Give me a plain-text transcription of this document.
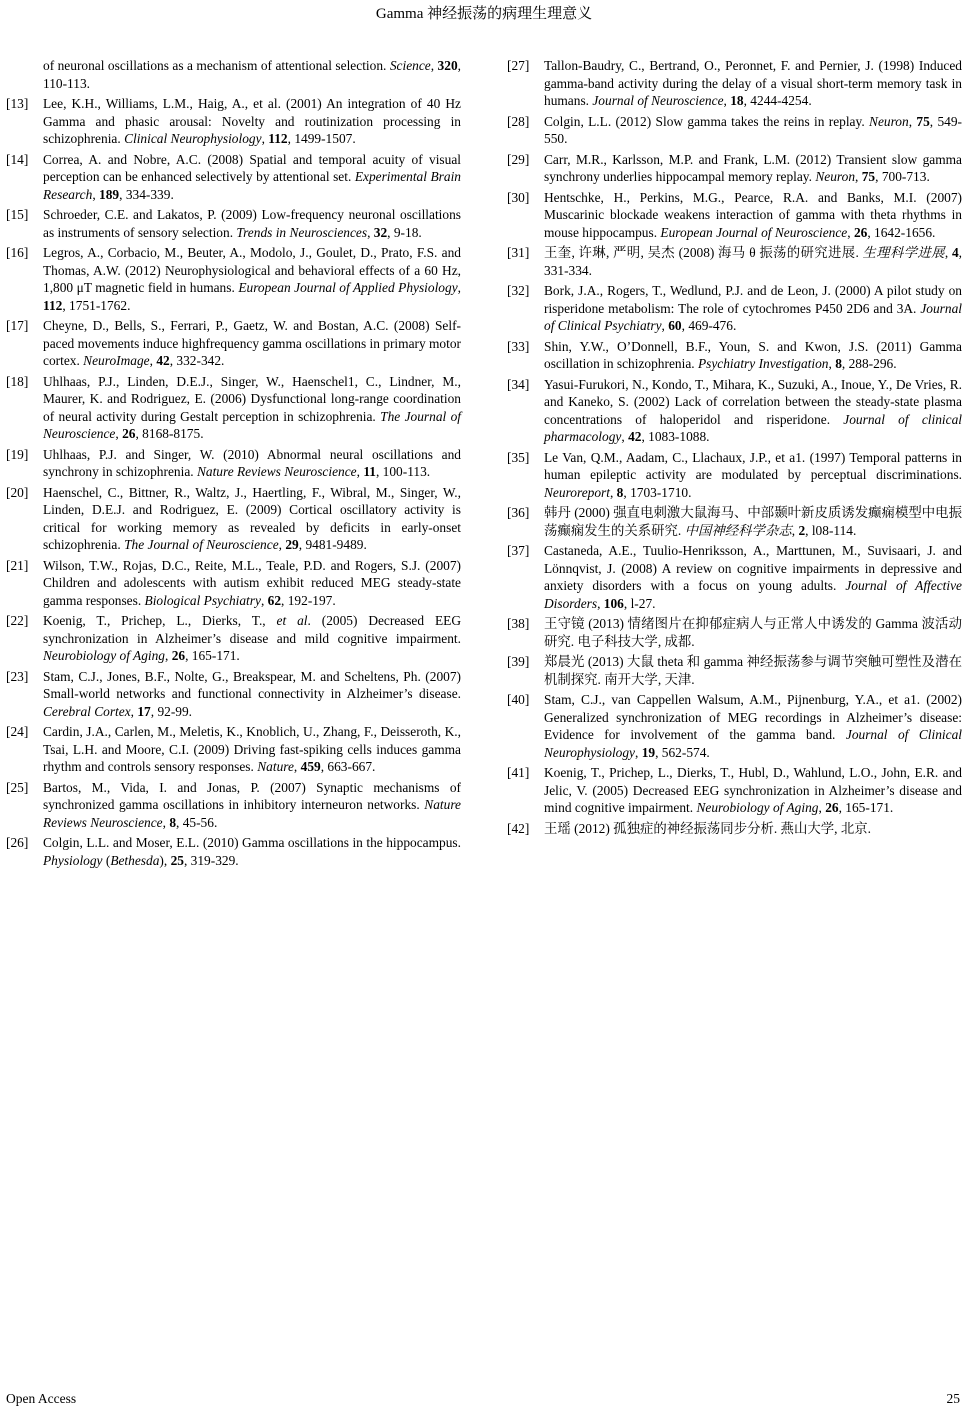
Gamma 神经振荡的病理生理意义
of neuronal oscillations as a mechanism of attentional selection. Science, 320, 110-113.
[13]	Lee, K.H., Williams, L.M., Haig, A., et al. (2001) An integration of 40 Hz Gamma and phasic arousal: Novelty and routinization processing in schizophrenia. Clinical Neurophysiology, 112, 1499-1507.
[14]	Correa, A. and Nobre, A.C. (2008) Spatial and temporal acuity of visual perception can be enhanced selectively by attentional set. Experimental Brain Research, 189, 334-339.
[15]	Schroeder, C.E. and Lakatos, P. (2009) Low-frequency neuronal oscillations as instruments of sensory selection. Trends in Neurosciences, 32, 9-18.
[16]	Legros, A., Corbacio, M., Beuter, A., Modolo, J., Goulet, D., Prato, F.S. and Thomas, A.W. (2012) Neurophysiological and behavioral effects of a 60 Hz, 1,800 μT magnetic field in humans. European Journal of Applied Physiology, 112, 1751-1762.
[17]	Cheyne, D., Bells, S., Ferrari, P., Gaetz, W. and Bostan, A.C. (2008) Self-paced movements induce highfrequency gamma oscillations in primary motor cortex. NeuroImage, 42, 332-342.
[18]	Uhlhaas, P.J., Linden, D.E.J., Singer, W., Haenschel1, C., Lindner, M., Maurer, K. and Rodriguez, E. (2006) Dysfunctional long-range coordination of neural activity during Gestalt perception in schizophrenia. The Journal of Neuroscience, 26, 8168-8175.
[19]	Uhlhaas, P.J. and Singer, W. (2010) Abnormal neural oscillations and synchrony in schizophrenia. Nature Reviews Neuroscience, 11, 100-113.
[20]	Haenschel, C., Bittner, R., Waltz, J., Haertling, F., Wibral, M., Singer, W., Linden, D.E.J. and Rodriguez, E. (2009) Cortical oscillatory activity is critical for working memory as revealed by deficits in early-onset schizophrenia. The Journal of Neuroscience, 29, 9481-9489.
[21]	Wilson, T.W., Rojas, D.C., Reite, M.L., Teale, P.D. and Rogers, S.J. (2007) Children and adolescents with autism exhibit reduced MEG steady-state gamma responses. Biological Psychiatry, 62, 192-197.
[22]	Koenig, T., Prichep, L., Dierks, T., et al. (2005) Decreased EEG synchronization in Alzheimer’s disease and mild cognitive impairment. Neurobiology of Aging, 26, 165-171.
[23]	Stam, C.J., Jones, B.F., Nolte, G., Breakspear, M. and Scheltens, Ph. (2007) Small-world networks and functional connectivity in Alzheimer’s disease. Cerebral Cortex, 17, 92-99.
[24]	Cardin, J.A., Carlen, M., Meletis, K., Knoblich, U., Zhang, F., Deisseroth, K., Tsai, L.H. and Moore, C.I. (2009) Driving fast-spiking cells induces gamma rhythm and controls sensory responses. Nature, 459, 663-667.
[25]	Bartos, M., Vida, I. and Jonas, P. (2007) Synaptic mechanisms of synchronized gamma oscillations in inhibitory interneuron networks. Nature Reviews Neuroscience, 8, 45-56.
[26]	Colgin, L.L. and Moser, E.L. (2010) Gamma oscillations in the hippocampus. Physiology (Bethesda), 25, 319-329.
[27]	Tallon-Baudry, C., Bertrand, O., Peronnet, F. and Pernier, J. (1998) Induced gamma-band activity during the delay of a visual short-term memory task in humans. Journal of Neuroscience, 18, 4244-4254.
[28]	Colgin, L.L. (2012) Slow gamma takes the reins in replay. Neuron, 75, 549-550.
[29]	Carr, M.R., Karlsson, M.P. and Frank, L.M. (2012) Transient slow gamma synchrony underlies hippocampal memory replay. Neuron, 75, 700-713.
[30]	Hentschke, H., Perkins, M.G., Pearce, R.A. and Banks, M.I. (2007) Muscarinic blockade weakens interaction of gamma with theta rhythms in mouse hippocampus. European Journal of Neuroscience, 26, 1642-1656.
[31]	王奎, 许琳, 严明, 吴杰 (2008) 海马 θ 振荡的研究进展. 生理科学进展, 4, 331-334.
[32]	Bork, J.A., Rogers, T., Wedlund, P.J. and de Leon, J. (2000) A pilot study on risperidone metabolism: The role of cytochromes P450 2D6 and 3A. Journal of Clinical Psychiatry, 60, 469-476.
[33]	Shin, Y.W., O’Donnell, B.F., Youn, S. and Kwon, J.S. (2011) Gamma oscillation in schizophrenia. Psychiatry Investigation, 8, 288-296.
[34]	Yasui-Furukori, N., Kondo, T., Mihara, K., Suzuki, A., Inoue, Y., De Vries, R. and Kaneko, S. (2002) Lack of correlation between the steady-state plasma concentrations of haloperidol and risperidone. Journal of clinical pharmacology, 42, 1083-1088.
[35]	Le Van, Q.M., Aadam, C., Llachaux, J.P., et a1. (1997) Temporal patterns in human epileptic activity are modulated by perceptual discriminations. Neuroreport, 8, 1703-1710.
[36]	韩丹 (2000) 强直电刺激大鼠海马、中部颞叶新皮质诱发癫痫模型中电振荡癫痫发生的关系研究. 中国神经科学杂志, 2, l08-114.
[37]	Castaneda, A.E., Tuulio-Henriksson, A., Marttunen, M., Suvisaari, J. and Lönnqvist, J. (2008) A review on cognitive impairments in depressive and anxiety disorders with a focus on young adults. Journal of Affective Disorders, 106, l-27.
[38]	王守镜 (2013) 情绪图片在抑郁症病人与正常人中诱发的 Gamma 波活动研究. 电子科技大学, 成都.
[39]	郑晨光 (2013) 大鼠 theta 和 gamma 神经振荡参与调节突触可塑性及潜在机制探究. 南开大学, 天津.
[40]	Stam, C.J., van Cappellen Walsum, A.M., Pijnenburg, Y.A., et a1. (2002) Generalized synchronization of MEG recordings in Alzheimer’s disease: Evidence for involvement of the gamma band. Journal of Clinical Neurophysiology, 19, 562-574.
[41]	Koenig, T., Prichep, L., Dierks, T., Hubl, D., Wahlund, L.O., John, E.R. and Jelic, V. (2005) Decreased EEG synchronization in Alzheimer’s disease and mind cognitive impairment. Neurobiology of Aging, 26, 165-171.
[42]	王瑶 (2012) 孤独症的神经振荡同步分析. 燕山大学, 北京.
Open Access	25
